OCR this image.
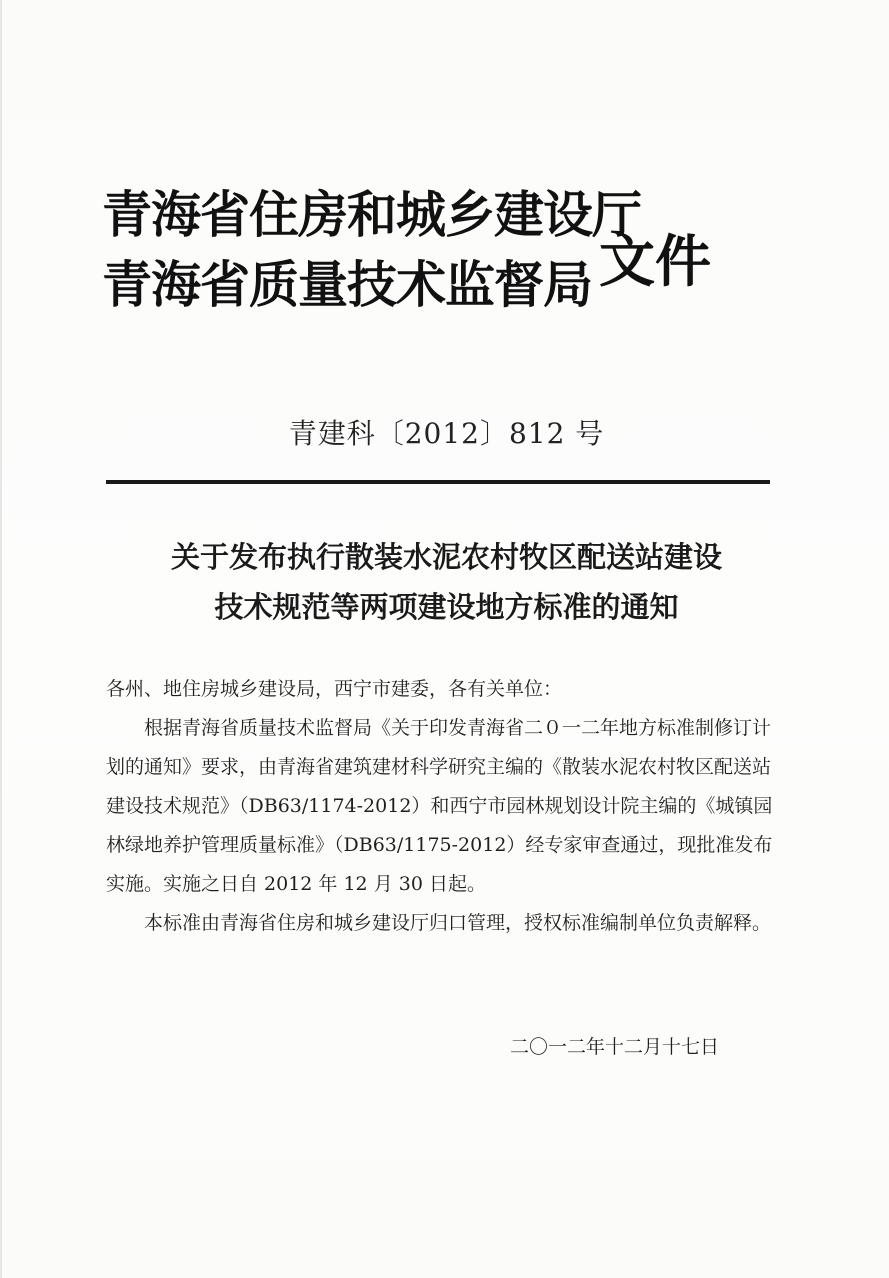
青海省住房和城乡建设厅
青海省质量技术监督局 文件
青建科〔2012〕812 号
关于发布执行散装水泥农村牧区配送站建设
技术规范等两项建设地方标准的通知

各州、地住房城乡建设局，西宁市建委，各有关单位：

根据青海省质量技术监督局《关于印发青海省二０一二年地方标准制修订计划的通知》要求，由青海省建筑建材科学研究主编的《散装水泥农村牧区配送站建设技术规范》（DB63/1174-2012）和西宁市园林规划设计院主编的《城镇园林绿地养护管理质量标准》（DB63/1175-2012）经专家审查通过，现批准发布实施。实施之日自 2012 年 12 月 30 日起。

本标准由青海省住房和城乡建设厅归口管理，授权标准编制单位负责解释。

二〇一二年十二月十七日
